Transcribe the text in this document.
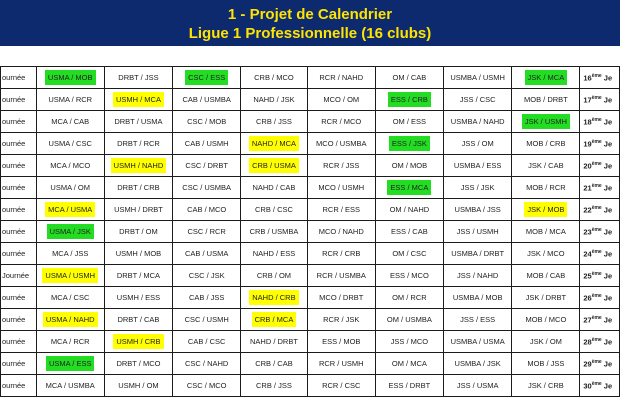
1 - Projet de Calendrier
Ligue 1 Professionnelle (16 clubs)
ournée	USMA / MOB	DRBT / JSS	CSC / ESS	CRB / MCO	RCR / NAHD	OM / CAB	USMBA / USMH	JSK / MCA	16ème Je
ournée	USMA / RCR	USMH / MCA	CAB / USMBA	NAHD / JSK	MCO / OM	ESS / CRB	JSS / CSC	MOB / DRBT	17ème Je
ournée	MCA / CAB	DRBT / USMA	CSC / MOB	CRB / JSS	RCR / MCO	OM / ESS	USMBA / NAHD	JSK / USMH	18ème Je
ournée	USMA / CSC	DRBT / RCR	CAB / USMH	NAHD / MCA	MCO / USMBA	ESS / JSK	JSS / OM	MOB / CRB	19ème Je
ournée	MCA / MCO	USMH / NAHD	CSC / DRBT	CRB / USMA	RCR / JSS	OM / MOB	USMBA / ESS	JSK / CAB	20ème Je
ournée	USMA / OM	DRBT / CRB	CSC / USMBA	NAHD / CAB	MCO / USMH	ESS / MCA	JSS / JSK	MOB / RCR	21ème Je
ournée	MCA / USMA	USMH / DRBT	CAB / MCO	CRB / CSC	RCR / ESS	OM / NAHD	USMBA / JSS	JSK / MOB	22ème Je
ournée	USMA / JSK	DRBT / OM	CSC / RCR	CRB / USMBA	MCO / NAHD	ESS / CAB	JSS / USMH	MOB / MCA	23ème Je
ournée	MCA / JSS	USMH / MOB	CAB / USMA	NAHD / ESS	RCR / CRB	OM / CSC	USMBA / DRBT	JSK / MCO	24ème Je
Journée	USMA / USMH	DRBT / MCA	CSC / JSK	CRB / OM	RCR / USMBA	ESS / MCO	JSS / NAHD	MOB / CAB	25ème Je
ournée	MCA / CSC	USMH / ESS	CAB / JSS	NAHD / CRB	MCO / DRBT	OM / RCR	USMBA / MOB	JSK / DRBT	26ème Je
ournée	USMA / NAHD	DRBT / CAB	CSC / USMH	CRB / MCA	RCR / JSK	OM / USMBA	JSS / ESS	MOB / MCO	27ème Je
ournée	MCA / RCR	USMH / CRB	CAB / CSC	NAHD / DRBT	ESS / MOB	JSS / MCO	USMBA / USMA	JSK / OM	28ème Je
ournée	USMA / ESS	DRBT / MCO	CSC / NAHD	CRB / CAB	RCR / USMH	OM / MCA	USMBA / JSK	MOB / JSS	29ème Je
ournée	MCA / USMBA	USMH / OM	CSC / MCO	CRB / JSS	RCR / CSC	ESS / DRBT	JSS / USMA	JSK / CRB	30ème Je
